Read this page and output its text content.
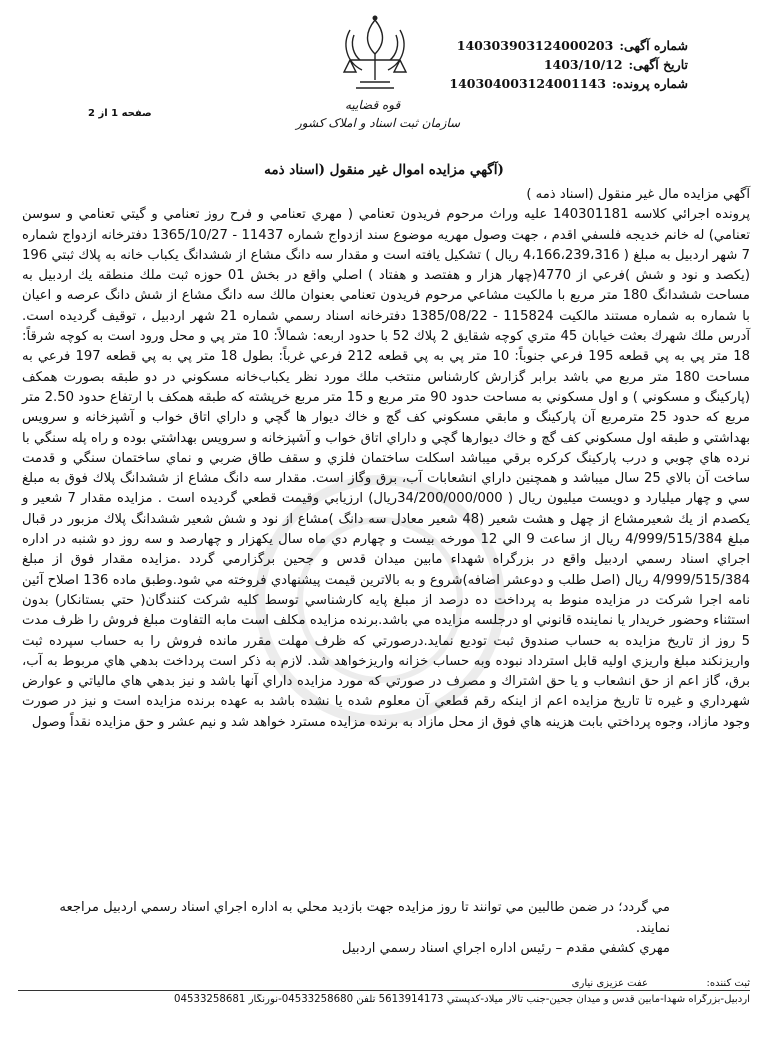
شماره آگهی:140303903124000203
تاریخ آگهی:1403/10/12
شماره پرونده:140304003124001143
قوه قضاییه
سازمان ثبت اسناد و املاک کشور
صفحه 1 از 2
(آگهي مزايده اموال غير منقول (اسناد ذمه

آگهي مزايده مال غير منقول (اسناد ذمه )

پرونده اجرائي كلاسه 140301181 عليه وراث مرحوم فريدون تعنامي ( مهري تعنامي و فرح روز تعنامي و گيتي تعنامي و سوسن تعنامي) له خانم خديجه فلسفي اقدم ، جهت وصول مهريه موضوع سند ازدواج شماره 11437 - 1365/10/27 دفترخانه ازدواج شماره 7 شهر اردبيل به مبلغ ( 4،166،239،316 ريال ) تشكيل يافته است و مقدار سه دانگ مشاع از ششدانگ يكباب خانه به پلاك ثبتي 196 (يكصد و نود و شش )فرعي از 4770(چهار هزار و هفتصد و هفتاد ) اصلي واقع در بخش 01 حوزه ثبت ملك منطقه يك اردبيل به مساحت ششدانگ 180 متر مربع با مالكيت مشاعي مرحوم فريدون تعنامي بعنوان مالك سه دانگ مشاع از شش دانگ عرصه و اعيان با شماره به شماره مستند مالكيت 115824 - 1385/08/22 دفترخانه اسناد رسمي شماره 21 شهر اردبيل ، توقيف گرديده است. آدرس ملك شهرك بعثت خيابان 45 متري كوچه شقايق 2 پلاك 52 با حدود اربعه: شمالاً: 10 متر پي و محل ورود است به كوچه شرقاً: 18 متر پي به پي قطعه 195 فرعي جنوباً: 10 متر پي به پي قطعه 212 فرعي غرباً: بطول 18 متر پي به پي قطعه 197 فرعي به مساحت 180 متر مربع مي باشد برابر گزارش كارشناس منتخب ملك مورد نظر يكباب‌خانه مسكوني در دو طبقه بصورت همكف (پاركينگ و مسكوني ) و اول مسكوني به مساحت حدود 90 متر مربع و 15 متر مربع خرپشته كه طبقه همكف با ارتفاع حدود 2.50 متر مربع كه حدود 25 متر‌مربع آن پاركينگ و مابقي مسكوني كف گچ و خاك ديوار ها گچي و داراي اتاق خواب و آشپزخانه و سرويس بهداشتي و طبقه اول مسكوني كف گچ و خاك ديوارها گچي و داراي اتاق خواب و آشپزخانه و سرويس بهداشتي بوده و راه پله سنگي با نرده هاي چوبي و درب پاركينگ كركره برقي ميباشد اسكلت ساختمان فلزي و سقف طاق ضربي و نماي ساختمان سنگي و قدمت ساخت آن بالاي 25 سال ميباشد و همچنين داراي انشعابات آب، برق وگاز است. مقدار سه دانگ مشاع از ششدانگ پلاك فوق به مبلغ سي و چهار ميليارد و دويست ميليون ريال ( 34/200/000/000ريال) ارزيابي وقيمت قطعي گرديده است . مزايده مقدار 7 شعير و يكصدم از يك شعيرمشاع از چهل و هشت شعير (48 شعير معادل سه دانگ )مشاع از نود و شش شعير ششدانگ پلاك مزبور در قبال مبلغ 4/999/515/384 ريال از ساعت 9 الي 12 مورخه بيست و چهارم دي ماه سال يكهزار و چهارصد و سه روز دو شنبه در اداره اجراي اسناد رسمي اردبيل واقع در بزرگراه شهداء مابين ميدان قدس و جحين برگزارمي گردد .مزايده مقدار فوق از مبلغ 4/999/515/384 ريال (اصل طلب و دوعشر اضافه)شروع و به بالاترين قيمت پيشنهادي فروخته مي شود.وطبق ماده 136 اصلاح آئين نامه اجرا شركت در مزايده منوط به پرداخت ده درصد از مبلغ پايه كارشناسي توسط كليه شركت كنندگان( حتي بستانكار) بدون استثناء وحضور خريدار يا نماينده قانوني او درجلسه مزايده مي باشد.برنده مزايده مكلف است مابه التفاوت مبلغ فروش را ظرف مدت 5 روز از تاريخ مزايده به حساب صندوق ثبت توديع نمايد.درصورتي كه ظرف مهلت مقرر مانده فروش را به حساب سپرده ثبت واريزنكند مبلغ واريزي اوليه قابل استرداد نبوده وبه حساب خزانه واريزخواهد شد. لازم به ذكر است پرداخت بدهي هاي مربوط به آب، برق، گاز اعم از حق انشعاب و يا حق اشتراك و مصرف در صورتي كه مورد مزايده داراي آنها باشد و نيز بدهي هاي مالياتي و عوارض شهرداري و غيره تا تاريخ مزايده اعم از اينكه رقم قطعي آن معلوم شده يا نشده باشد به عهده برنده مزايده است و نيز در صورت وجود مازاد، وجوه پرداختي بابت هزينه هاي فوق از محل مازاد به برنده مزايده مسترد خواهد شد و نيم عشر و حق مزايده نقداً وصول

مي گردد؛ در ضمن طالبين مي توانند تا روز مزايده جهت بازديد محلي به اداره اجراي اسناد رسمي اردبيل مراجعه نمايند.

مهري كشفي مقدم – رئيس اداره اجراي اسناد رسمي اردبيل

ثبت کننده:
عفت عزیزی نیاری
اردبيل-بزرگراه شهدا-مابين قدس و ميدان جحين-جنب تالار ميلاد-كدپستي 5613914173 تلفن 04533258680-نورنگار 04533258681
